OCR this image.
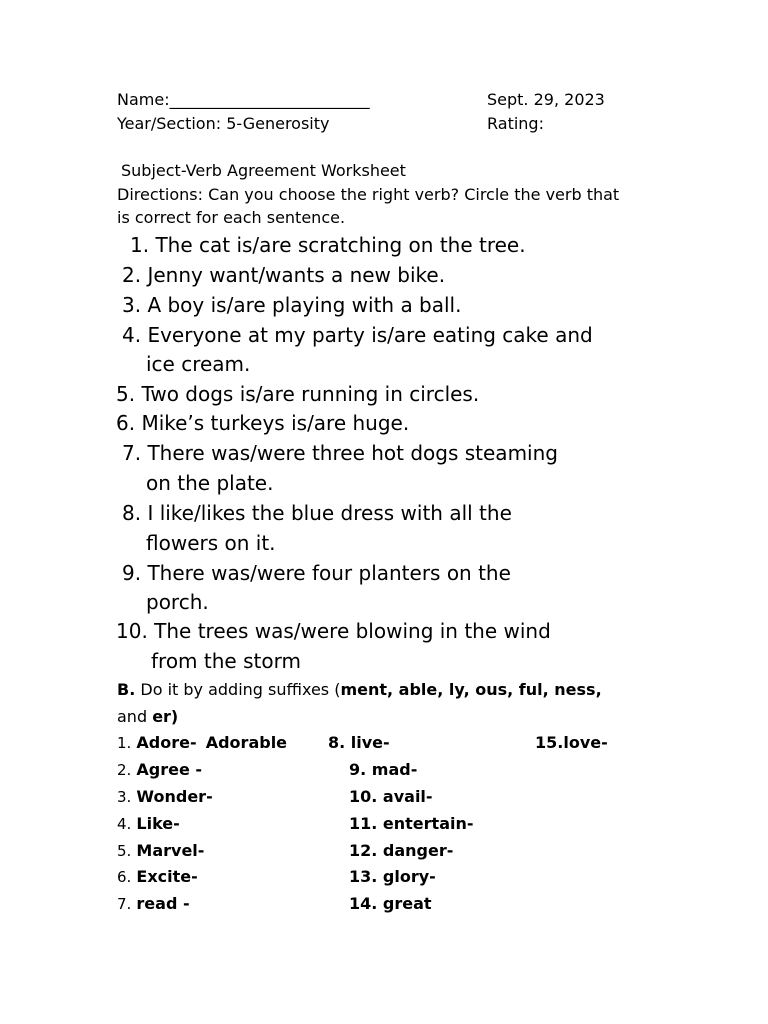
Name:_________________________	Sept. 29, 2023
Year/Section: 5-Generosity	Rating:
Subject-Verb Agreement Worksheet
Directions: Can you choose the right verb? Circle the verb that
is correct for each sentence.
1. The cat is/are scratching on the tree.
2. Jenny want/wants a new bike.
3. A boy is/are playing with a ball.
4. Everyone at my party is/are eating cake and
ice cream.
5. Two dogs is/are running in circles.
6. Mike’s turkeys is/are huge.
7. There was/were three hot dogs steaming
on the plate.
8. I like/likes the blue dress with all the
flowers on it.
9. There was/were four planters on the
porch.
10. The trees was/were blowing in the wind
from the storm
B. Do it by adding suffixes (ment, able, ly, ous, ful, ness,
and er)
1. Adore- Adorable
2. Agree -
3. Wonder-
4. Like-
5. Marvel-
6. Excite-
7. read -
8. live-
9. mad-
10. avail-
11. entertain-
12. danger-
13. glory-
14. great
15.love-
